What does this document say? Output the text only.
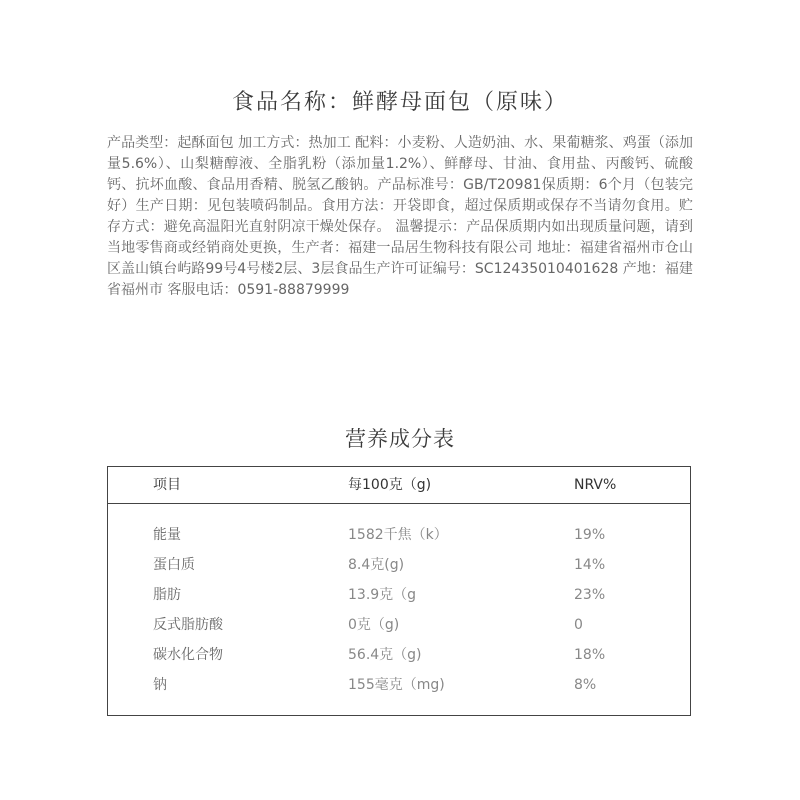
食品名称：鲜酵母面包（原味）

产品类型：起酥面包 加工方式：热加工 配料：小麦粉、人造奶油、水、果葡糖浆、鸡蛋（添加量5.6%）、山梨糖醇液、全脂乳粉（添加量1.2%）、鲜酵母、甘油、食用盐、丙酸钙、硫酸钙、抗坏血酸、食品用香精、脱氢乙酸钠。产品标准号：GB/T20981保质期：6个月（包装完好）生产日期：见包装喷码制品。食用方法：开袋即食，超过保质期或保存不当请勿食用。贮存方式：避免高温阳光直射阴凉干燥处保存。 温馨提示：产品保质期内如出现质量问题，请到当地零售商或经销商处更换，生产者：福建一品居生物科技有限公司 地址：福建省福州市仓山区盖山镇台屿路99号4号楼2层、3层食品生产许可证编号：SC12435010401628 产地：福建省福州市 客服电话：0591-88879999

营养成分表
项目	每100克（g)	NRV%
能量	1582千焦（k）	19%
蛋白质	8.4克(g)	14%
脂肪	13.9克（g	23%
反式脂肪酸	0克（g)	0
碳水化合物	56.4克（g)	18%
钠	155毫克（mg)	8%
